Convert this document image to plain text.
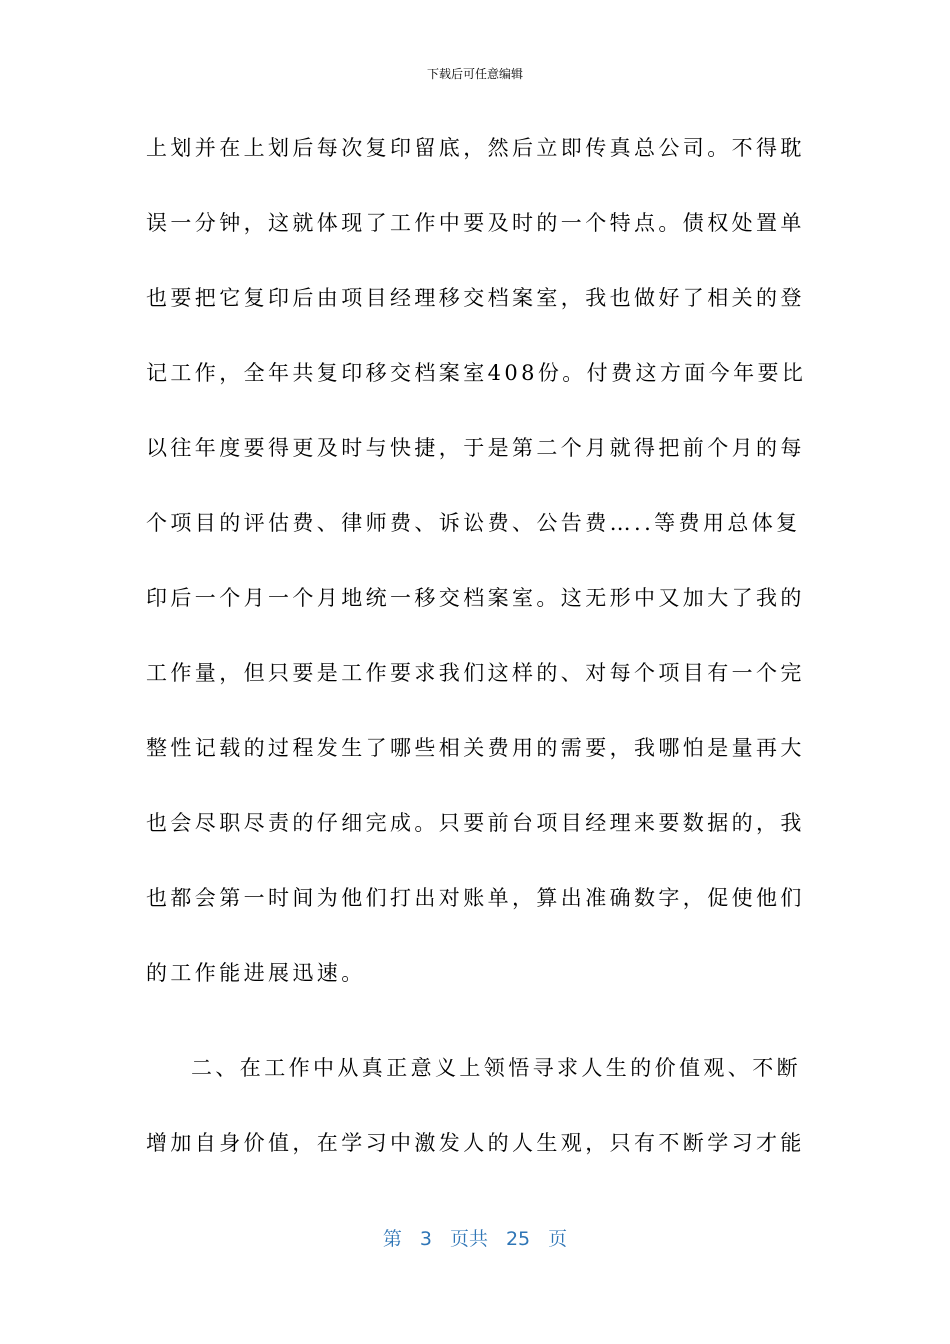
下载后可任意编辑
上划并在上划后每次复印留底，然后立即传真总公司。不得耽
误一分钟，这就体现了工作中要及时的一个特点。债权处置单
也要把它复印后由项目经理移交档案室，我也做好了相关的登
记工作，全年共复印移交档案室408份。付费这方面今年要比
以往年度要得更及时与快捷，于是第二个月就得把前个月的每
个项目的评估费、律师费、诉讼费、公告费…..等费用总体复
印后一个月一个月地统一移交档案室。这无形中又加大了我的
工作量，但只要是工作要求我们这样的、对每个项目有一个完
整性记载的过程发生了哪些相关费用的需要，我哪怕是量再大
也会尽职尽责的仔细完成。只要前台项目经理来要数据的，我
也都会第一时间为他们打出对账单，算出准确数字，促使他们
的工作能进展迅速。
二、在工作中从真正意义上领悟寻求人生的价值观、不断
增加自身价值，在学习中激发人的人生观，只有不断学习才能
第 3 页共 25 页
